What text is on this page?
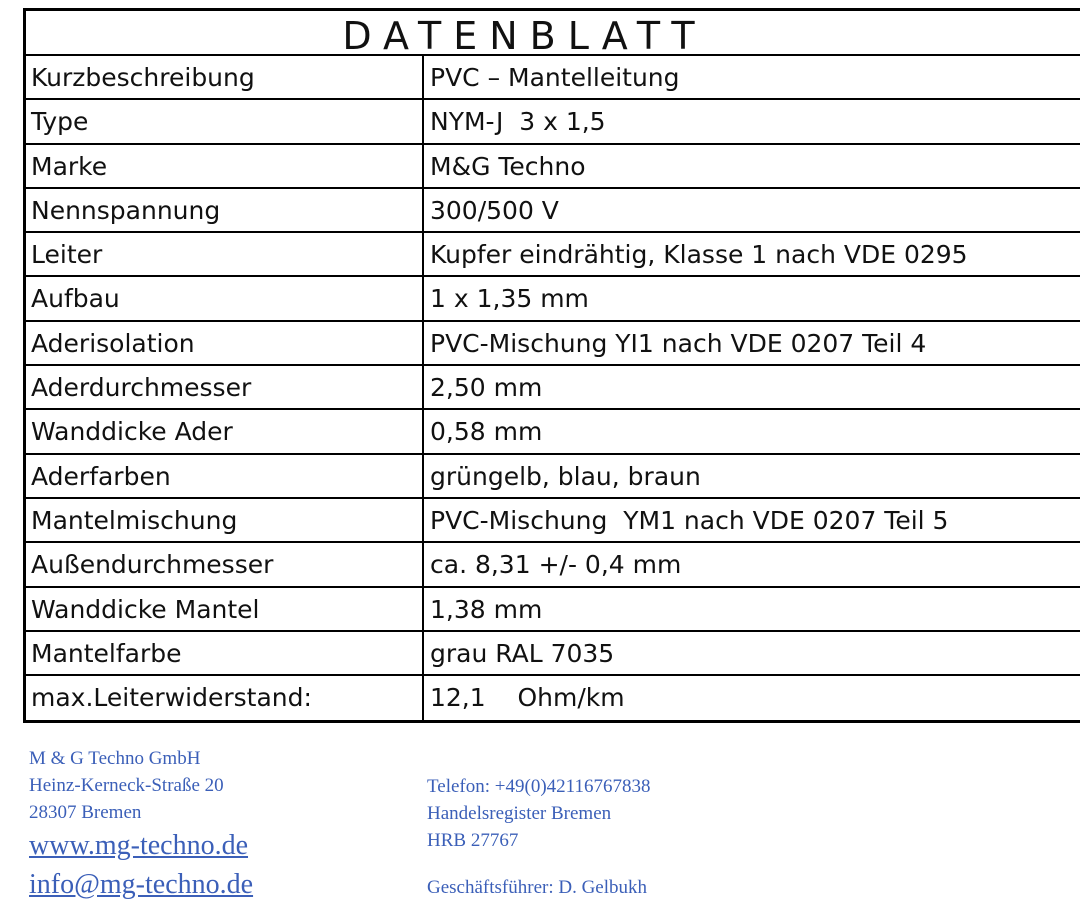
DATENBLATT
Kurzbeschreibung	PVC – Mantelleitung
Type	NYM-J  3 x 1,5
Marke	M&G Techno
Nennspannung	300/500 V
Leiter	Kupfer eindrähtig, Klasse 1 nach VDE 0295
Aufbau	1 x 1,35 mm
Aderisolation	PVC-Mischung YI1 nach VDE 0207 Teil 4
Aderdurchmesser	2,50 mm
Wanddicke Ader	0,58 mm
Aderfarben	grüngelb, blau, braun
Mantelmischung	PVC-Mischung  YM1 nach VDE 0207 Teil 5
Außendurchmesser	ca. 8,31 +/- 0,4 mm
Wanddicke Mantel	1,38 mm
Mantelfarbe	grau RAL 7035
max.Leiterwiderstand:	12,1    Ohm/km
M & G Techno GmbH
Heinz-Kerneck-Straße 20
28307 Bremen
www.mg-techno.de
info@mg-techno.de
Telefon: +49(0)42116767838
Handelsregister Bremen
HRB 27767
Geschäftsführer: D. Gelbukh
